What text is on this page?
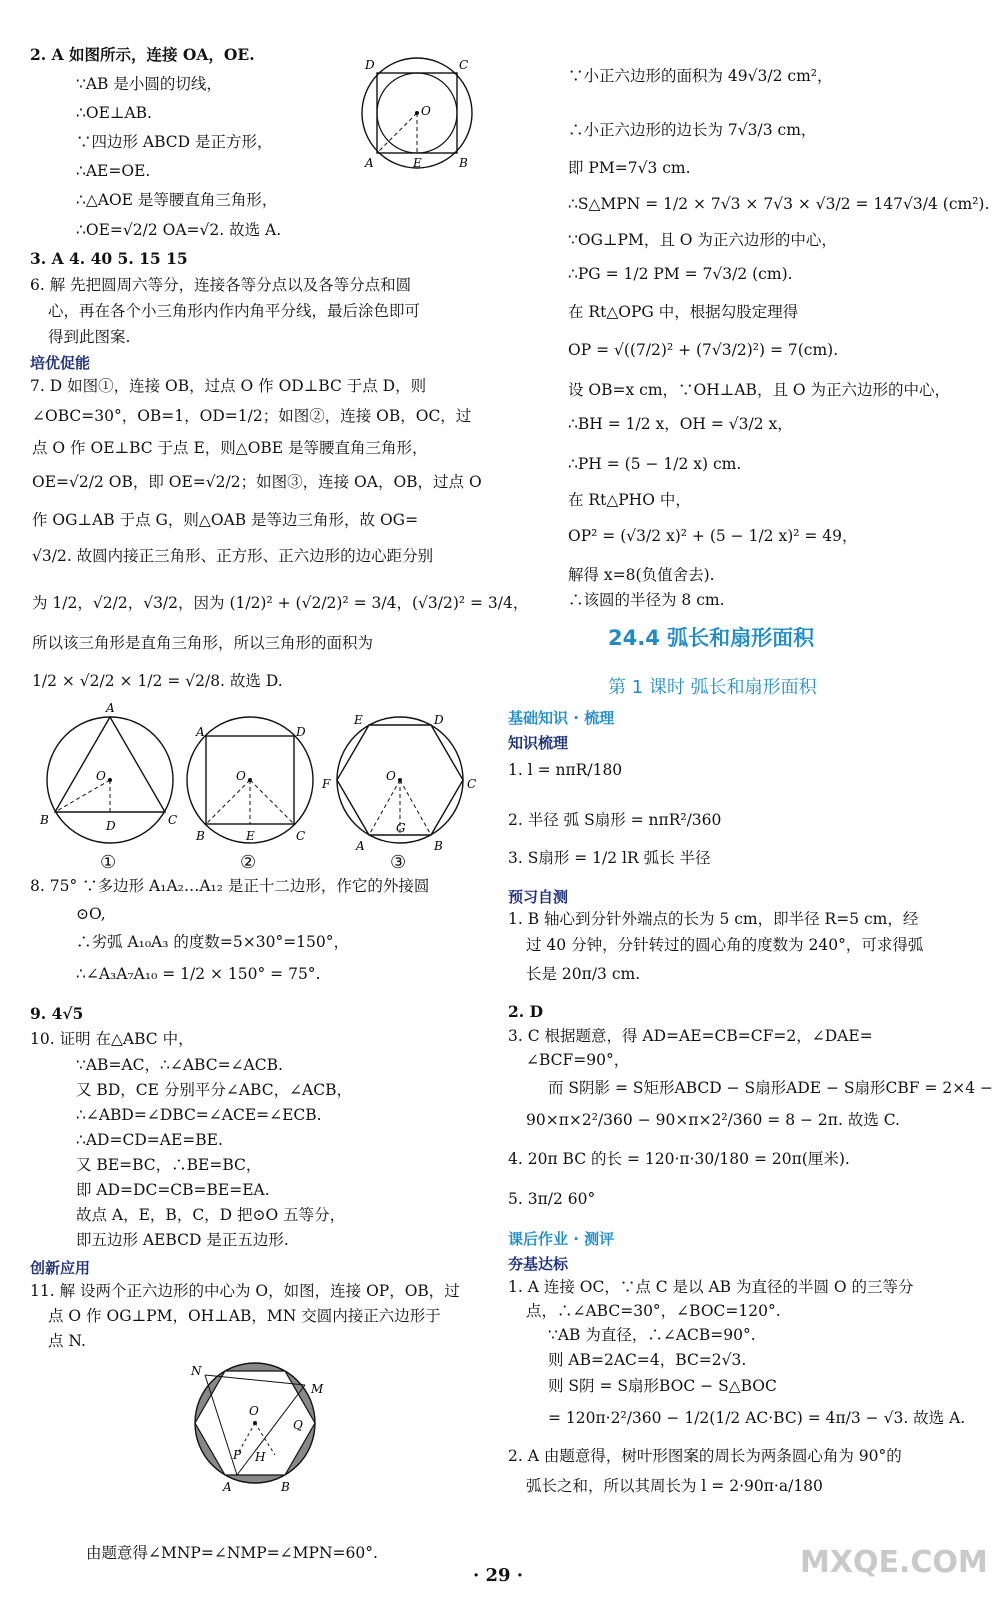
2. A 如图所示，连接 OA，OE.
∵AB 是小圆的切线，
∴OE⊥AB.
∵四边形 ABCD 是正方形，
∴AE=OE.
∴△AOE 是等腰直角三角形，
∴OE=√2/2 OA=√2. 故选 A.
3. A 4. 40 5. 15 15
6. 解 先把圆周六等分，连接各等分点以及各等分点和圆
心，再在各个小三角形内作内角平分线，最后涂色即可
得到此图案.
培优促能
7. D 如图①，连接 OB，过点 O 作 OD⊥BC 于点 D，则
∠OBC=30°，OB=1，OD=1/2；如图②，连接 OB，OC，过
点 O 作 OE⊥BC 于点 E，则△OBE 是等腰直角三角形，
OE=√2/2 OB，即 OE=√2/2；如图③，连接 OA，OB，过点 O
作 OG⊥AB 于点 G，则△OAB 是等边三角形，故 OG=
√3/2. 故圆内接正三角形、正方形、正六边形的边心距分别
为 1/2，√2/2，√3/2，因为 (1/2)² + (√2/2)² = 3/4，(√3/2)² = 3/4，
所以该三角形是直角三角形，所以三角形的面积为
1/2 × √2/2 × 1/2 = √2/8. 故选 D.
8. 75° ∵多边形 A₁A₂…A₁₂ 是正十二边形，作它的外接圆
⊙O,
∴劣弧 A₁₀A₃ 的度数=5×30°=150°，
∴∠A₃A₇A₁₀ = 1/2 × 150° = 75°.
9. 4√5
10. 证明 在△ABC 中，
∵AB=AC，∴∠ABC=∠ACB.
又 BD，CE 分别平分∠ABC，∠ACB，
∴∠ABD=∠DBC=∠ACE=∠ECB.
∴AD=CD=AE=BE.
又 BE=BC，∴BE=BC，
即 AD=DC=CB=BE=EA.
故点 A，E，B，C，D 把⊙O 五等分，
即五边形 AEBCD 是正五边形.
创新应用
11. 解 设两个正六边形的中心为 O，如图，连接 OP，OB，过
点 O 作 OG⊥PM，OH⊥AB，MN 交圆内接正六边形于
点 N.
由题意得∠MNP=∠NMP=∠MPN=60°.
D	C
O
A	E	B
A
O
B	C
D
A	D
O
B	E	C
E	D
F	C
O
G
A	B
①	②	③
N
M
O
Q
P H
A	B
∵小正六边形的面积为 49√3/2 cm²，
∴小正六边形的边长为 7√3/3 cm，
即 PM=7√3 cm.
∴S△MPN = 1/2 × 7√3 × 7√3 × √3/2 = 147√3/4 (cm²).
∵OG⊥PM，且 O 为正六边形的中心，
∴PG = 1/2 PM = 7√3/2 (cm).
在 Rt△OPG 中，根据勾股定理得
OP = √((7/2)² + (7√3/2)²) = 7(cm).
设 OB=x cm，∵OH⊥AB，且 O 为正六边形的中心，
∴BH = 1/2 x，OH = √3/2 x，
∴PH = (5 − 1/2 x) cm.
在 Rt△PHO 中，
OP² = (√3/2 x)² + (5 − 1/2 x)² = 49，
解得 x=8(负值舍去).
∴该圆的半径为 8 cm.
24.4 弧长和扇形面积
第 1 课时 弧长和扇形面积
基础知识 · 梳理
知识梳理
1. l = nπR/180
2. 半径 弧 S扇形 = nπR²/360
3. S扇形 = 1/2 lR 弧长 半径
预习自测
1. B 轴心到分针外端点的长为 5 cm，即半径 R=5 cm，经
过 40 分钟，分针转过的圆心角的度数为 240°，可求得弧
长是 20π/3 cm.
2. D
3. C 根据题意，得 AD=AE=CB=CF=2，∠DAE=
∠BCF=90°，
而 S阴影 = S矩形ABCD − S扇形ADE − S扇形CBF = 2×4 −
90×π×2²/360 − 90×π×2²/360 = 8 − 2π. 故选 C.
4. 20π BC 的长 = 120·π·30/180 = 20π(厘米).
5. 3π/2 60°
课后作业 · 测评
夯基达标
1. A 连接 OC，∵点 C 是以 AB 为直径的半圆 O 的三等分
点，∴∠ABC=30°，∠BOC=120°.
∵AB 为直径，∴∠ACB=90°.
则 AB=2AC=4，BC=2√3.
则 S阴 = S扇形BOC − S△BOC
= 120π·2²/360 − 1/2(1/2 AC·BC) = 4π/3 − √3. 故选 A.
2. A 由题意得，树叶形图案的周长为两条圆心角为 90°的
弧长之和，所以其周长为 l = 2·90π·a/180
MXQE.COM
· 29 ·
